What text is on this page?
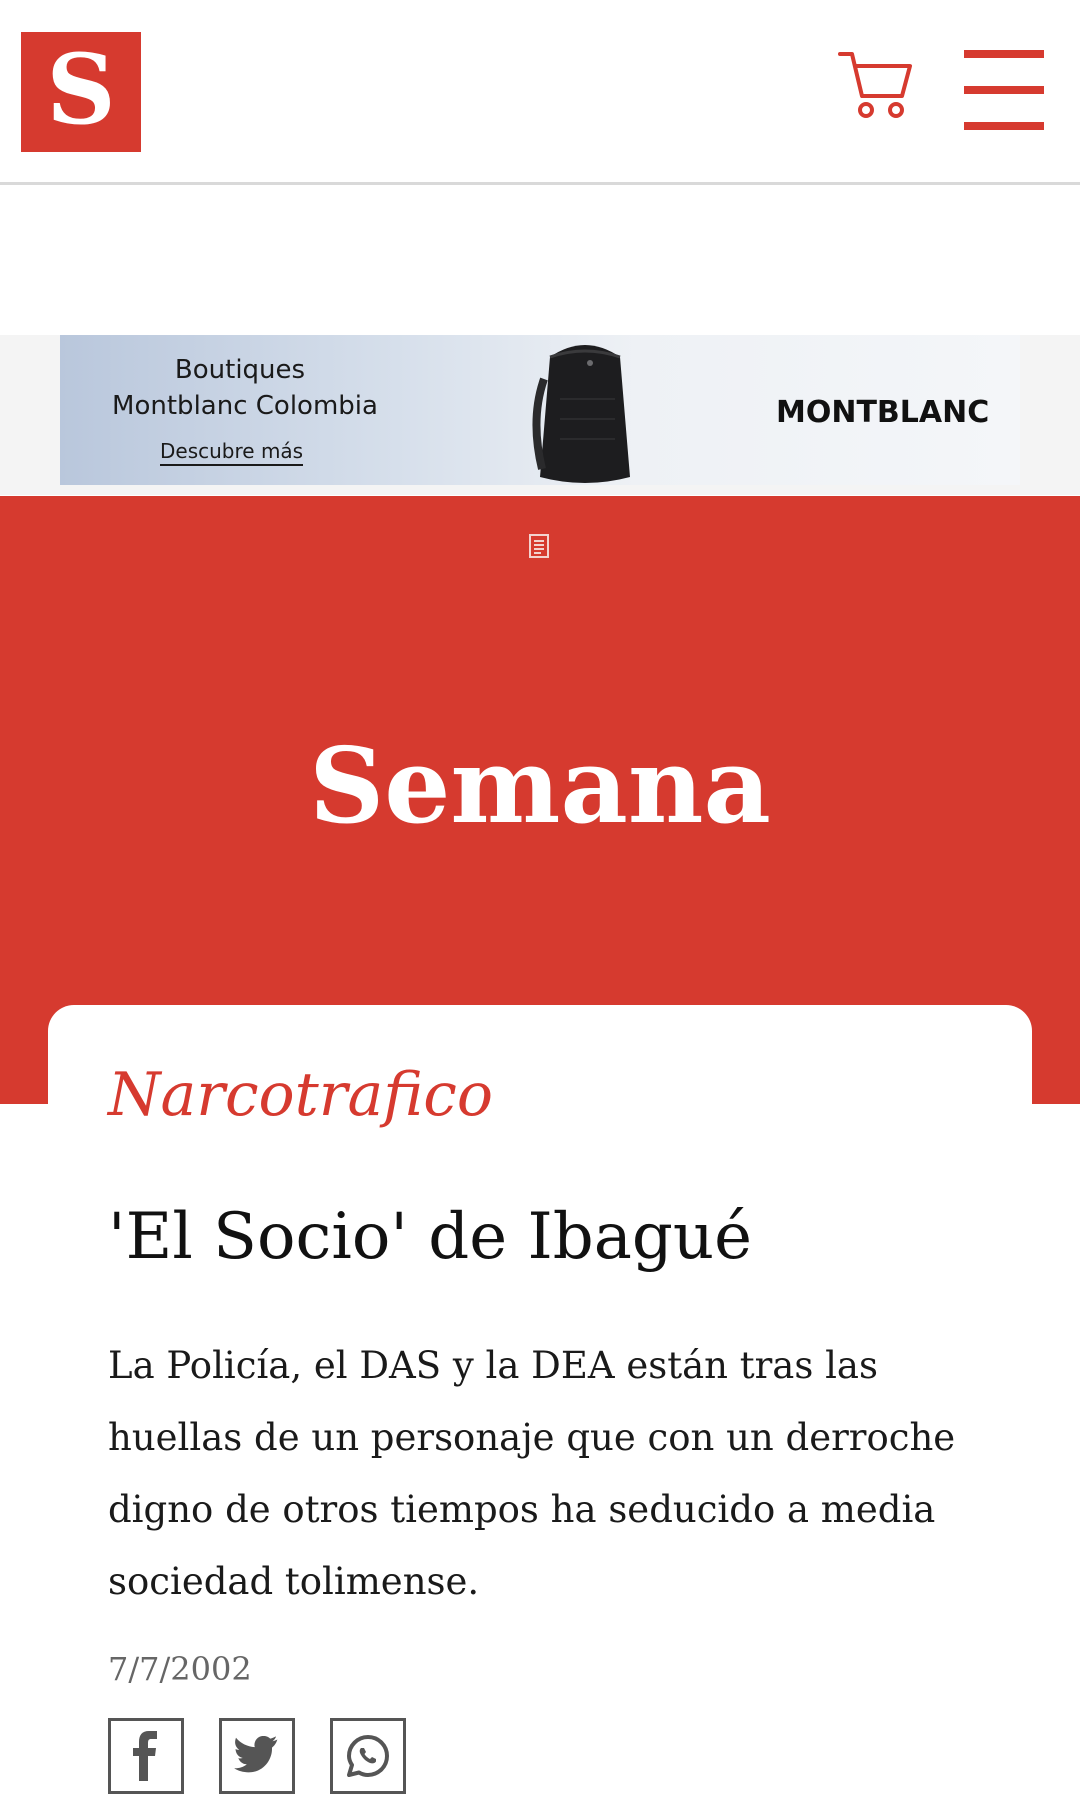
S
Boutiques
Montblanc Colombia
Descubre más
MONTBLANC
Semana
Narcotrafico
'El Socio' de Ibagué
La Policía, el DAS y la DEA están tras las huellas de un personaje que con un derroche digno de otros tiempos ha seducido a media sociedad tolimense.
7/7/2002
